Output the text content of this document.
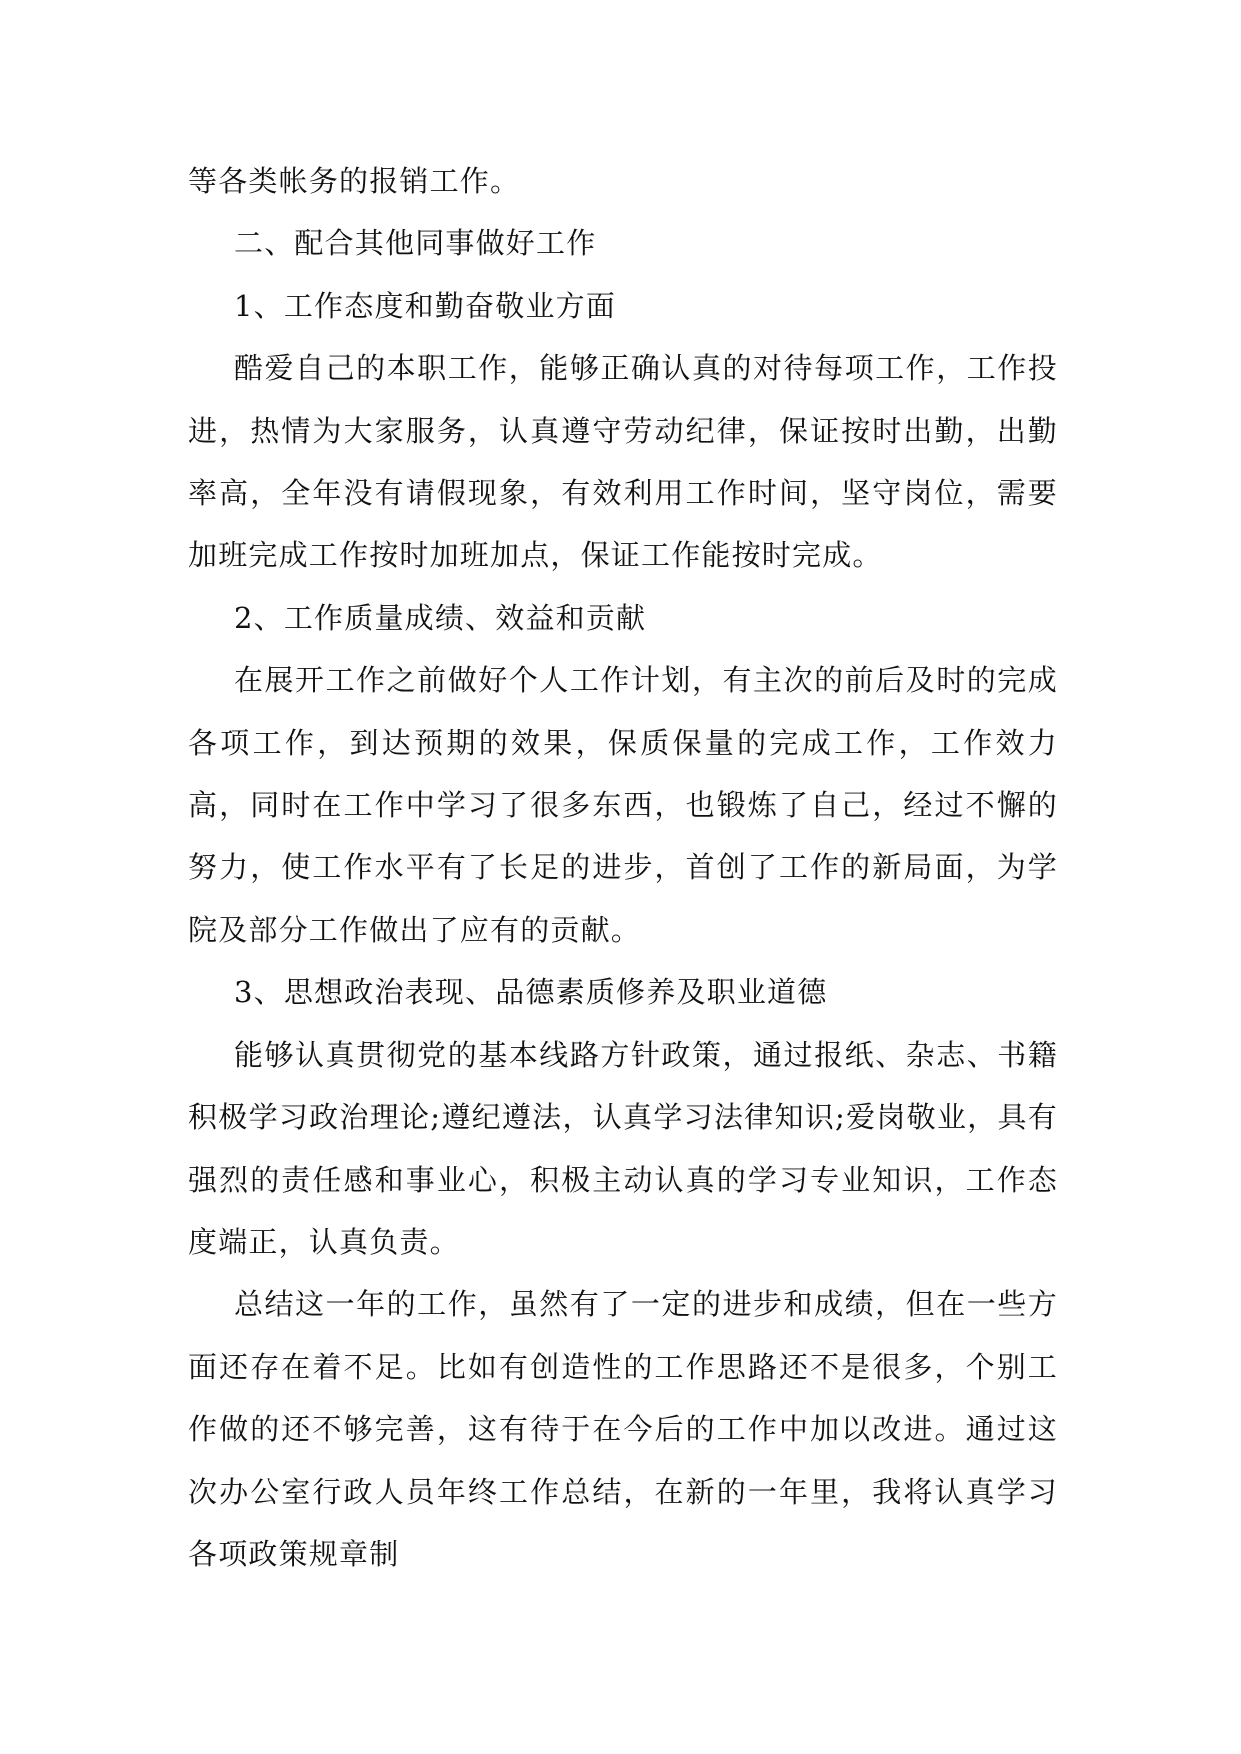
等各类帐务的报销工作。

二、配合其他同事做好工作

1、工作态度和勤奋敬业方面

酷爱自己的本职工作，能够正确认真的对待每项工作，工作投进，热情为大家服务，认真遵守劳动纪律，保证按时出勤，出勤率高，全年没有请假现象，有效利用工作时间，坚守岗位，需要加班完成工作按时加班加点，保证工作能按时完成。

2、工作质量成绩、效益和贡献

在展开工作之前做好个人工作计划，有主次的前后及时的完成各项工作，到达预期的效果，保质保量的完成工作，工作效力高，同时在工作中学习了很多东西，也锻炼了自己，经过不懈的努力，使工作水平有了长足的进步，首创了工作的新局面，为学院及部分工作做出了应有的贡献。

3、思想政治表现、品德素质修养及职业道德

能够认真贯彻党的基本线路方针政策，通过报纸、杂志、书籍积极学习政治理论;遵纪遵法，认真学习法律知识;爱岗敬业，具有强烈的责任感和事业心，积极主动认真的学习专业知识，工作态度端正，认真负责。

总结这一年的工作，虽然有了一定的进步和成绩，但在一些方面还存在着不足。比如有创造性的工作思路还不是很多，个别工作做的还不够完善，这有待于在今后的工作中加以改进。通过这次办公室行政人员年终工作总结，在新的一年里，我将认真学习各项政策规章制
